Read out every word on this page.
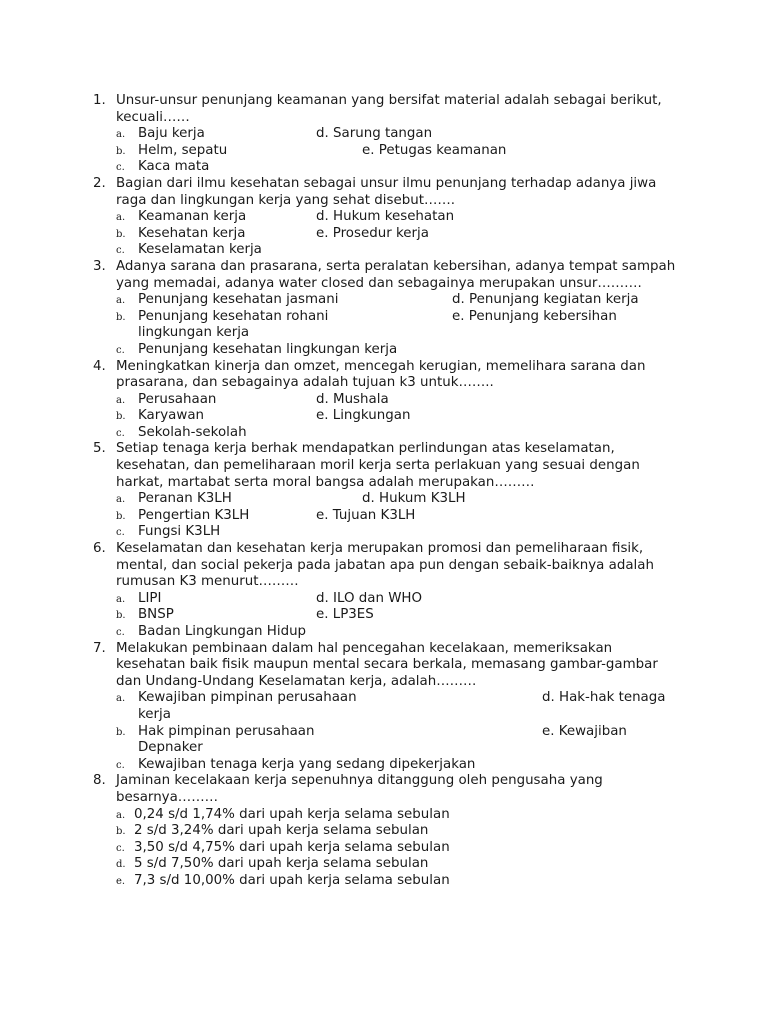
1. Unsur-unsur penunjang keamanan yang bersifat material adalah sebagai berikut, kecuali……
a. Baju kerja	d. Sarung tangan
b. Helm, sepatu	e. Petugas keamanan
c. Kaca mata
2. Bagian dari ilmu kesehatan sebagai unsur ilmu penunjang terhadap adanya jiwa raga dan lingkungan kerja yang sehat disebut…….
a. Keamanan kerja	d. Hukum kesehatan
b. Kesehatan kerja	e. Prosedur kerja
c. Keselamatan kerja
3. Adanya sarana dan prasarana, serta peralatan kebersihan, adanya tempat sampah yang memadai, adanya water closed dan sebagainya merupakan unsur……….
a. Penunjang kesehatan jasmani	d. Penunjang kegiatan kerja
b. Penunjang kesehatan rohani	e. Penunjang kebersihan
lingkungan kerja
c. Penunjang kesehatan lingkungan kerja
4. Meningkatkan kinerja dan omzet, mencegah kerugian, memelihara sarana dan prasarana, dan sebagainya adalah tujuan k3 untuk……..
a. Perusahaan	d. Mushala
b. Karyawan	e. Lingkungan
c. Sekolah-sekolah
5. Setiap tenaga kerja berhak mendapatkan perlindungan atas keselamatan, kesehatan, dan pemeliharaan moril kerja serta perlakuan yang sesuai dengan harkat, martabat serta moral bangsa adalah merupakan………
a. Peranan K3LH	d. Hukum K3LH
b. Pengertian K3LH	e. Tujuan K3LH
c. Fungsi K3LH
6. Keselamatan dan kesehatan kerja merupakan promosi dan pemeliharaan fisik, mental, dan social pekerja pada jabatan apa pun dengan sebaik-baiknya adalah rumusan K3 menurut………
a. LIPI	d. ILO dan WHO
b. BNSP	e. LP3ES
c. Badan Lingkungan Hidup
7. Melakukan pembinaan dalam hal pencegahan kecelakaan, memeriksakan kesehatan baik fisik maupun mental secara berkala, memasang gambar-gambar dan Undang-Undang Keselamatan kerja, adalah………
a. Kewajiban pimpinan perusahaan	d. Hak-hak tenaga
kerja
b. Hak pimpinan perusahaan	e. Kewajiban
Depnaker
c. Kewajiban tenaga kerja yang sedang dipekerjakan
8. Jaminan kecelakaan kerja sepenuhnya ditanggung oleh pengusaha yang besarnya………
a. 0,24 s/d 1,74% dari upah kerja selama sebulan
b. 2 s/d 3,24% dari upah kerja selama sebulan
c. 3,50 s/d 4,75% dari upah kerja selama sebulan
d. 5 s/d 7,50% dari upah kerja selama sebulan
e. 7,3 s/d 10,00% dari upah kerja selama sebulan
